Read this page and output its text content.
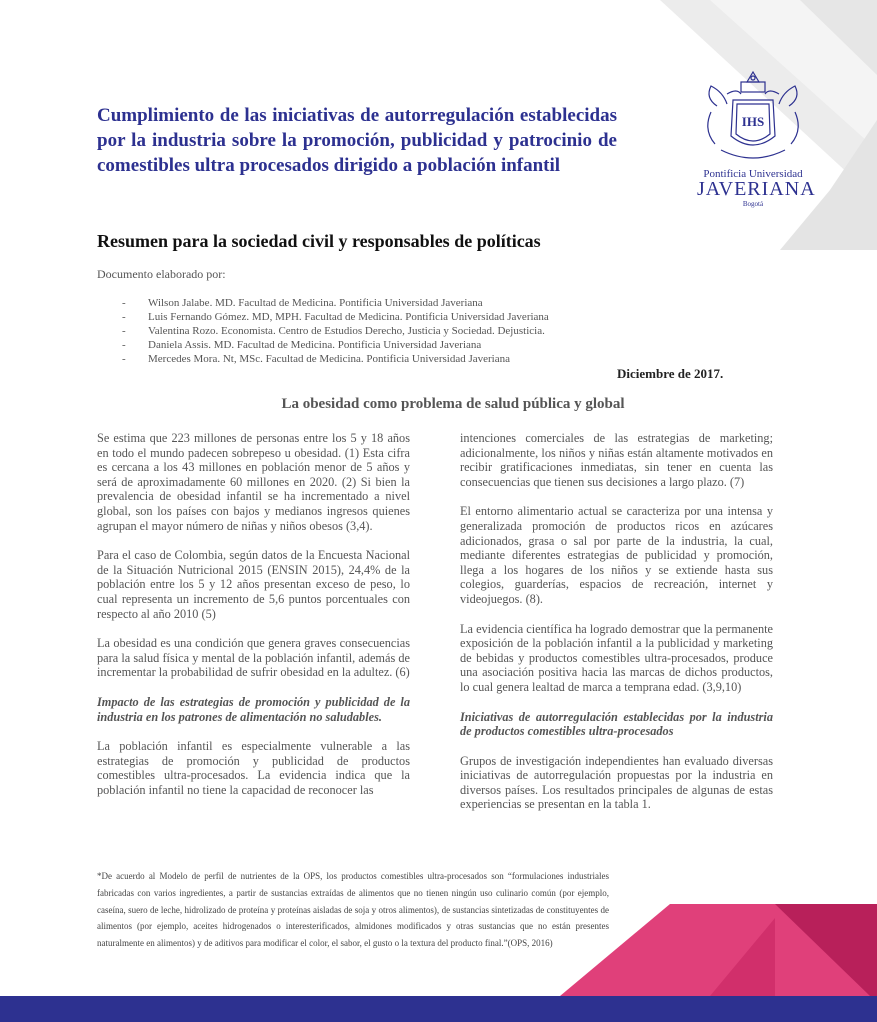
IHS
Pontificia Universidad
JAVERIANA
Bogotá
Cumplimiento de las iniciativas de autorregulación establecidas por la industria sobre la promoción, publicidad y patrocinio de comestibles ultra procesados dirigido a población infantil
Resumen para la sociedad civil y responsables de políticas
Documento elaborado por:
- Wilson Jalabe. MD. Facultad de Medicina. Pontificia Universidad Javeriana
- Luis Fernando Gómez. MD, MPH. Facultad de Medicina. Pontificia Universidad Javeriana
- Valentina Rozo. Economista. Centro de Estudios Derecho, Justicia y Sociedad. Dejusticia.
- Daniela Assis. MD. Facultad de Medicina. Pontificia Universidad Javeriana
- Mercedes Mora. Nt, MSc. Facultad de Medicina. Pontificia Universidad Javeriana
Diciembre de 2017.
La obesidad como problema de salud pública y global

Se estima que 223 millones de personas entre los 5 y 18 años en todo el mundo padecen sobrepeso u obesidad. (1) Esta cifra es cercana a los 43 millones en población menor de 5 años y será de aproximadamente 60 millones en 2020. (2) Si bien la prevalencia de obesidad infantil se ha incrementado a nivel global, son los países con bajos y medianos ingresos quienes agrupan el mayor número de niñas y niños obesos (3,4).

Para el caso de Colombia, según datos de la Encuesta Nacional de la Situación Nutricional 2015 (ENSIN 2015), 24,4% de la población entre los 5 y 12 años presentan exceso de peso, lo cual representa un incremento de 5,6 puntos porcentuales con respecto al año 2010 (5)

La obesidad es una condición que genera graves consecuencias para la salud física y mental de la población infantil, además de incrementar la probabilidad de sufrir obesidad en la adultez. (6)

Impacto de las estrategias de promoción y publicidad de la industria en los patrones de alimentación no saludables.

La población infantil es especialmente vulnerable a las estrategias de promoción y publicidad de productos comestibles ultra-procesados. La evidencia indica que la población infantil no tiene la capacidad de reconocer las

intenciones comerciales de las estrategias de marketing; adicionalmente, los niños y niñas están altamente motivados en recibir gratificaciones inmediatas, sin tener en cuenta las consecuencias que tienen sus decisiones a largo plazo. (7)

El entorno alimentario actual se caracteriza por una intensa y generalizada promoción de productos ricos en azúcares adicionados, grasa o sal por parte de la industria, la cual, mediante diferentes estrategias de publicidad y promoción, llega a los hogares de los niños y se extiende hasta sus colegios, guarderías, espacios de recreación, internet y videojuegos. (8).

La evidencia científica ha logrado demostrar que la permanente exposición de la población infantil a la publicidad y marketing de bebidas y productos comestibles ultra-procesados, produce una asociación positiva hacia las marcas de dichos productos, lo cual genera lealtad de marca a temprana edad. (3,9,10)

Iniciativas de autorregulación establecidas por la industria de productos comestibles ultra-procesados

Grupos de investigación independientes han evaluado diversas iniciativas de autorregulación propuestas por la industria en diversos países. Los resultados principales de algunas de estas experiencias se presentan en la tabla 1.

*De acuerdo al Modelo de perfil de nutrientes de la OPS, los productos comestibles ultra-procesados son “formulaciones industriales fabricadas con varios ingredientes, a partir de sustancias extraídas de alimentos que no tienen ningún uso culinario común (por ejemplo, caseína, suero de leche, hidrolizado de proteína y proteínas aisladas de soja y otros alimentos), de sustancias sintetizadas de constituyentes de alimentos (por ejemplo, aceites hidrogenados o interesterificados, almidones modificados y otras sustancias que no están presentes naturalmente en alimentos) y de aditivos para modificar el color, el sabor, el gusto o la textura del producto final.”(OPS, 2016)
